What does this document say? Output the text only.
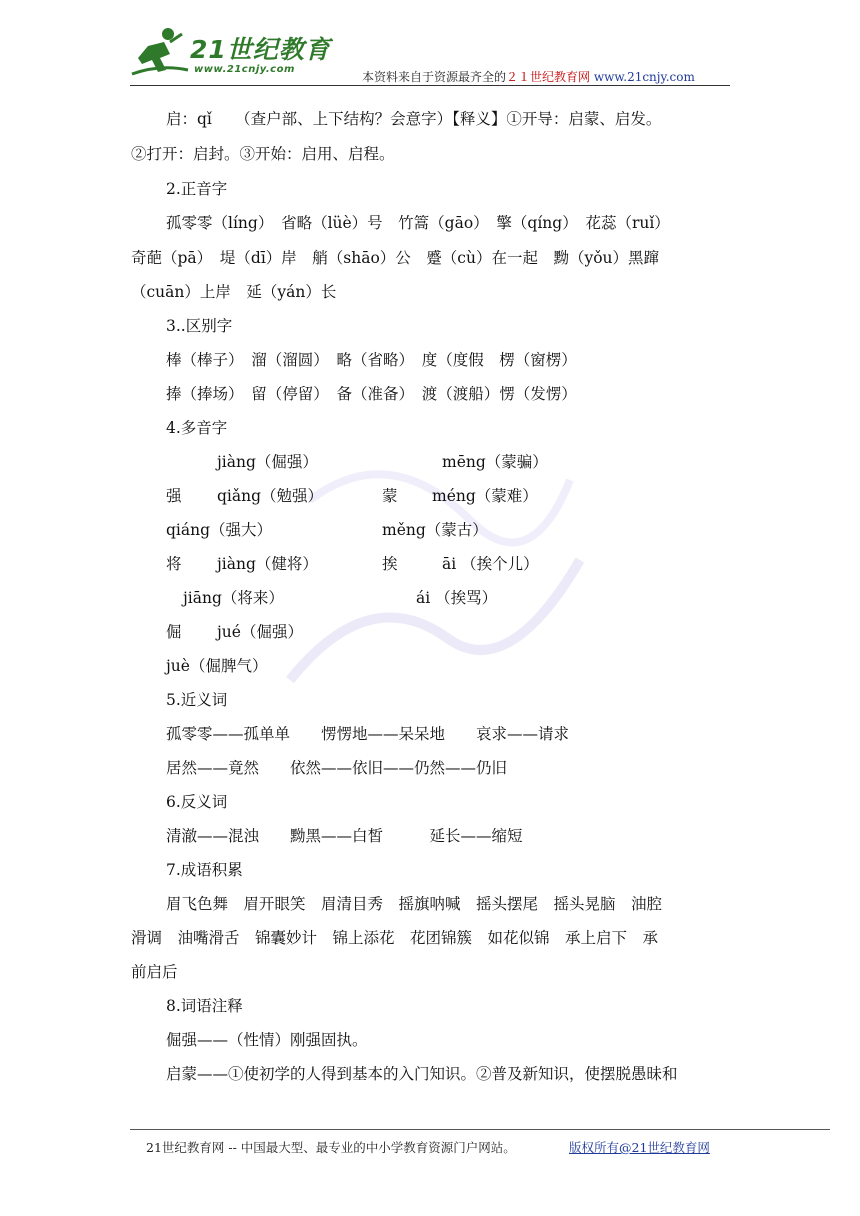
21世纪教育
www.21cnjy.com
本资料来自于资源最齐全的２１世纪教育网 www.21cnjy.com
启：qǐ　　（查户部、上下结构？会意字）【释义】①开导：启蒙、启发。
②打开：启封。③开始：启用、启程。
2.正音字
孤零零（líng）　省略（lüè）号　竹篙（gāo）　擎（qíng）　花蕊（ruǐ）
奇葩（pā）　堤（dī）岸　艄（shāo）公　蹙（cù）在一起　黝（yǒu）黑蹿
（cuān）上岸　延（yán）长
3..区别字
棒（棒子）　溜（溜圆）　略（省略）　度（度假　楞（窗楞）
捧（捧场）　留（停留）　备（准备）　渡（渡船）愣（发愣）
4.多音字
jiàng（倔强）	mēng（蒙骗）
强 qiǎng（勉强）	蒙 méng（蒙难）
qiáng（强大）	měng（蒙古）
将 jiàng（健将）	挨	āi （挨个儿）
jiāng（将来）	ái （挨骂）
倔 jué（倔强）
juè（倔脾气）
5.近义词
孤零零——孤单单　　愣愣地——呆呆地　　哀求——请求
居然——竟然　　依然——依旧——仍然——仍旧
6.反义词
清澈——混浊　　黝黑——白皙　　　延长——缩短
7.成语积累
眉飞色舞　眉开眼笑　眉清目秀　摇旗呐喊　摇头摆尾　摇头晃脑　油腔
滑调　油嘴滑舌　锦囊妙计　锦上添花　花团锦簇　如花似锦　承上启下　承
前启后
8.词语注释
倔强——（性情）刚强固执。
启蒙——①使初学的人得到基本的入门知识。②普及新知识，使摆脱愚昧和
21世纪教育网 -- 中国最大型、最专业的中小学教育资源门户网站。	版权所有@21世纪教育网
